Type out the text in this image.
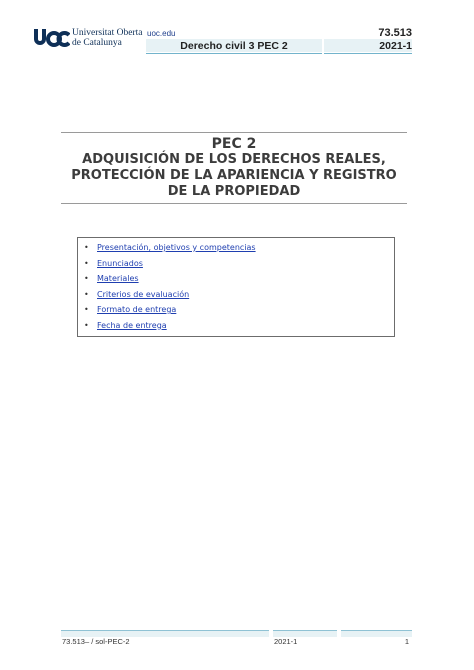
Universitat Oberta
de Catalunya
uoc.edu	73.513
Derecho civil 3 PEC 2	2021-1
PEC 2
ADQUISICIÓN DE LOS DERECHOS REALES,
PROTECCIÓN DE LA APARIENCIA Y REGISTRO
DE LA PROPIEDAD
• Presentación, objetivos y competencias
• Enunciados
• Materiales
• Criterios de evaluación
• Formato de entrega
• Fecha de entrega
73.513– / sol-PEC-2	2021-1	1
